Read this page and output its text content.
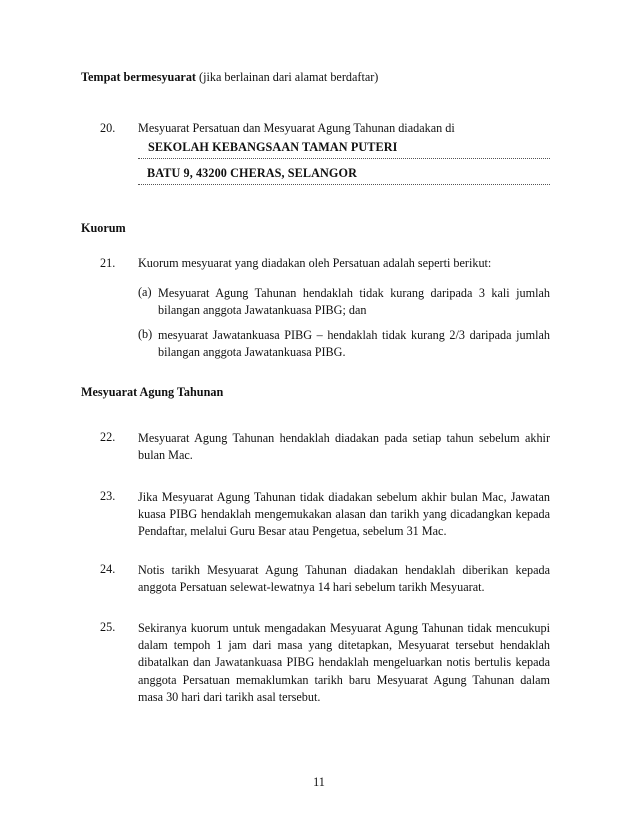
Tempat bermesyuarat (jika berlainan dari alamat berdaftar)
20.	Mesyuarat Persatuan dan Mesyuarat Agung Tahunan diadakan di
SEKOLAH KEBANGSAAN TAMAN PUTERI
BATU 9, 43200 CHERAS, SELANGOR
Kuorum
21.	Kuorum mesyuarat yang diadakan oleh Persatuan adalah seperti berikut:
(a) Mesyuarat Agung Tahunan hendaklah tidak kurang daripada 3 kali jumlah bilangan anggota Jawatankuasa PIBG; dan
(b) mesyuarat Jawatankuasa PIBG – hendaklah tidak kurang 2/3 daripada jumlah bilangan anggota Jawatankuasa PIBG.
Mesyuarat Agung Tahunan
22.	Mesyuarat Agung Tahunan hendaklah diadakan pada setiap tahun sebelum akhir bulan Mac.
23.	Jika Mesyuarat Agung Tahunan tidak diadakan sebelum akhir bulan Mac, Jawatan kuasa PIBG hendaklah mengemukakan alasan dan tarikh yang dicadangkan kepada Pendaftar, melalui Guru Besar atau Pengetua, sebelum 31 Mac.
24.	Notis tarikh Mesyuarat Agung Tahunan diadakan hendaklah diberikan kepada anggota Persatuan selewat-lewatnya 14 hari sebelum tarikh Mesyuarat.
25.	Sekiranya kuorum untuk mengadakan Mesyuarat Agung Tahunan tidak mencukupi dalam tempoh 1 jam dari masa yang ditetapkan, Mesyuarat tersebut hendaklah dibatalkan dan Jawatankuasa PIBG hendaklah mengeluarkan notis bertulis kepada anggota Persatuan memaklumkan tarikh baru Mesyuarat Agung Tahunan dalam masa 30 hari dari tarikh asal tersebut.
11
